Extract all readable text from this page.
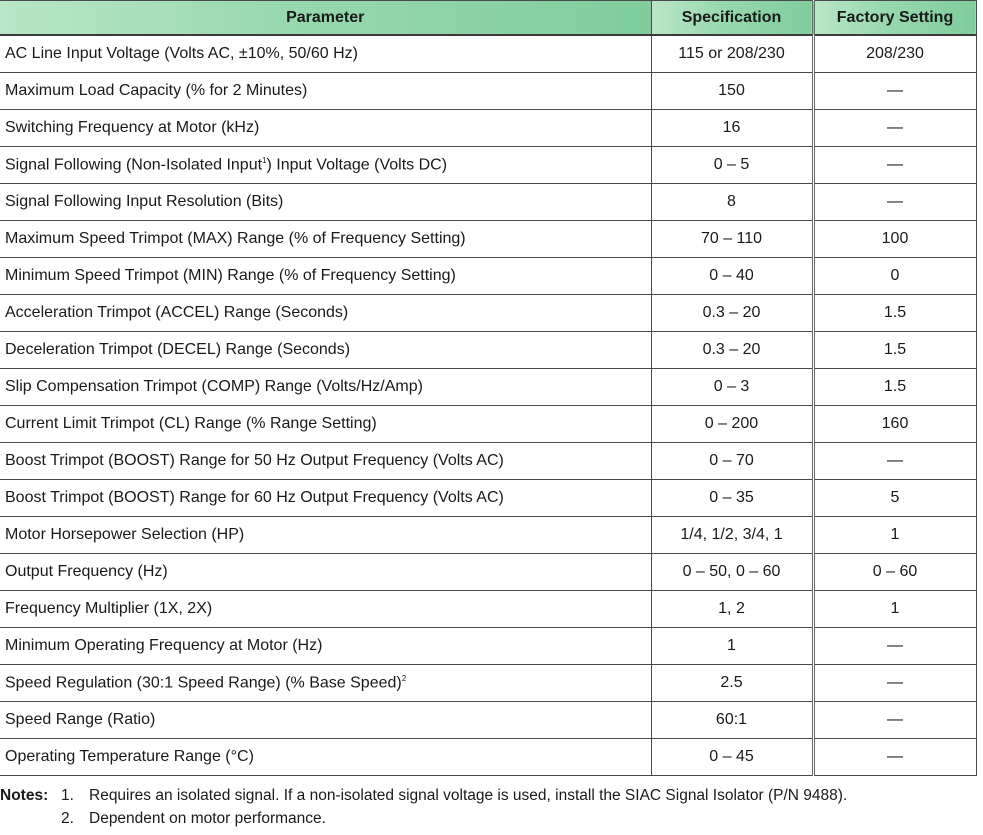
Parameter	Specification	Factory Setting
AC Line Input Voltage (Volts AC, ±10%, 50/60 Hz)	115 or 208/230	208/230
Maximum Load Capacity (% for 2 Minutes)	150	—
Switching Frequency at Motor (kHz)	16	—
Signal Following (Non-Isolated Input$^1$) Input Voltage (Volts DC)	0 – 5	—
Signal Following Input Resolution (Bits)	8	—
Maximum Speed Trimpot (MAX) Range (% of Frequency Setting)	70 – 110	100
Minimum Speed Trimpot (MIN) Range (% of Frequency Setting)	0 – 40	0
Acceleration Trimpot (ACCEL) Range (Seconds)	0.3 – 20	1.5
Deceleration Trimpot (DECEL) Range (Seconds)	0.3 – 20	1.5
Slip Compensation Trimpot (COMP) Range (Volts/Hz/Amp)	0 – 3	1.5
Current Limit Trimpot (CL) Range (% Range Setting)	0 – 200	160
Boost Trimpot (BOOST) Range for 50 Hz Output Frequency (Volts AC)	0 – 70	—
Boost Trimpot (BOOST) Range for 60 Hz Output Frequency (Volts AC)	0 – 35	5
Motor Horsepower Selection (HP)	1/4, 1/2, 3/4, 1	1
Output Frequency (Hz)	0 – 50, 0 – 60	0 – 60
Frequency Multiplier (1X, 2X)	1, 2	1
Minimum Operating Frequency at Motor (Hz)	1	—
Speed Regulation (30:1 Speed Range) (% Base Speed)$^2$	2.5	—
Speed Range (Ratio)	60:1	—
Operating Temperature Range (°C)	0 – 45	—
Notes: 1. Requires an isolated signal. If a non-isolated signal voltage is used, install the SIAC Signal Isolator (P/N 9488).
2. Dependent on motor performance.
